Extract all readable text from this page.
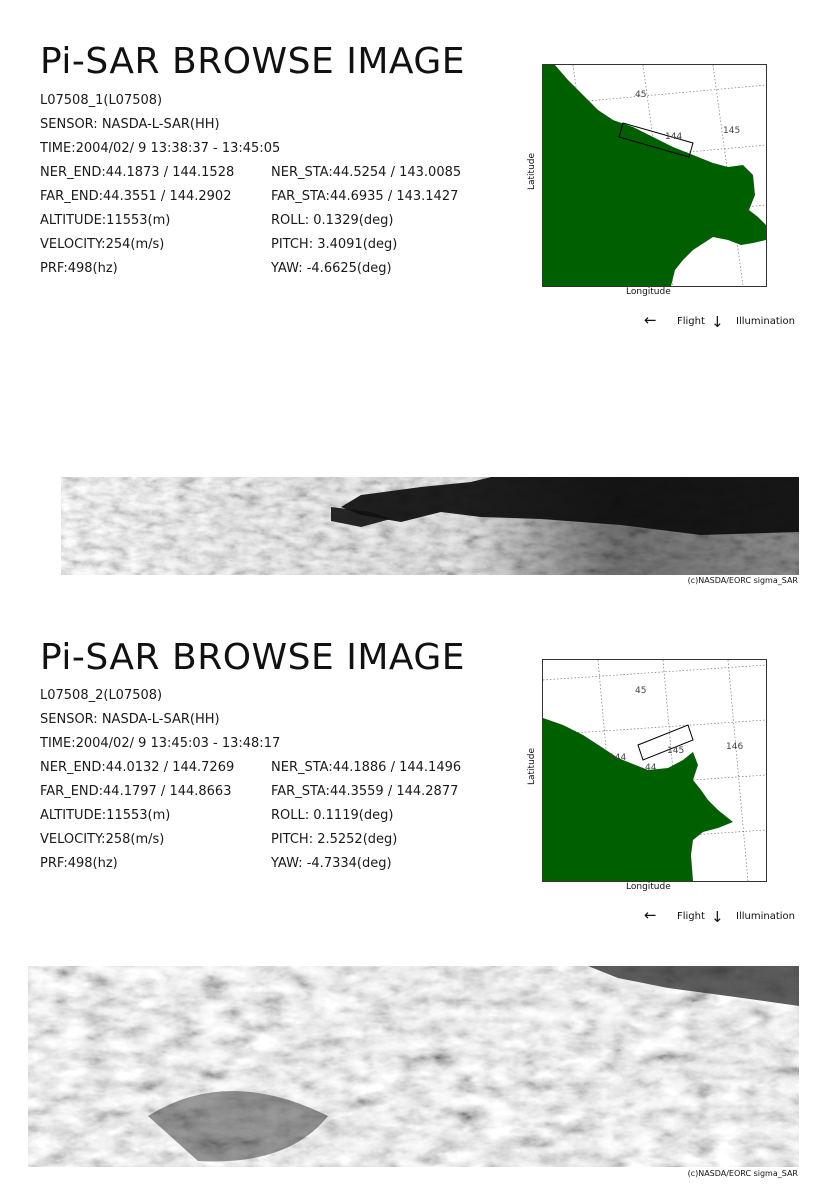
Pi-SAR BROWSE IMAGE
L07508_1(L07508)
SENSOR: NASDA-L-SAR(HH)
TIME:2004/02/ 9 13:38:37 - 13:45:05
NER_END:44.1873 / 144.1528	NER_STA:44.5254 / 143.0085
FAR_END:44.3551 / 144.2902	FAR_STA:44.6935 / 143.1427
ALTITUDE:11553(m)	ROLL: 0.1329(deg)
VELOCITY:254(m/s)	PITCH: 3.4091(deg)
PRF:498(hz)	YAW: -4.6625(deg)
45
144
145
Latitude
Longitude
← Flight ↓ Illumination
(c)NASDA/EORC sigma_SAR
Pi-SAR BROWSE IMAGE
L07508_2(L07508)
SENSOR: NASDA-L-SAR(HH)
TIME:2004/02/ 9 13:45:03 - 13:48:17
NER_END:44.0132 / 144.7269	NER_STA:44.1886 / 144.1496
FAR_END:44.1797 / 144.8663	FAR_STA:44.3559 / 144.2877
ALTITUDE:11553(m)	ROLL: 0.1119(deg)
VELOCITY:258(m/s)	PITCH: 2.5252(deg)
PRF:498(hz)	YAW: -4.7334(deg)
45
144
145	146
44
Latitude
Longitude
← Flight ↓ Illumination
(c)NASDA/EORC sigma_SAR
